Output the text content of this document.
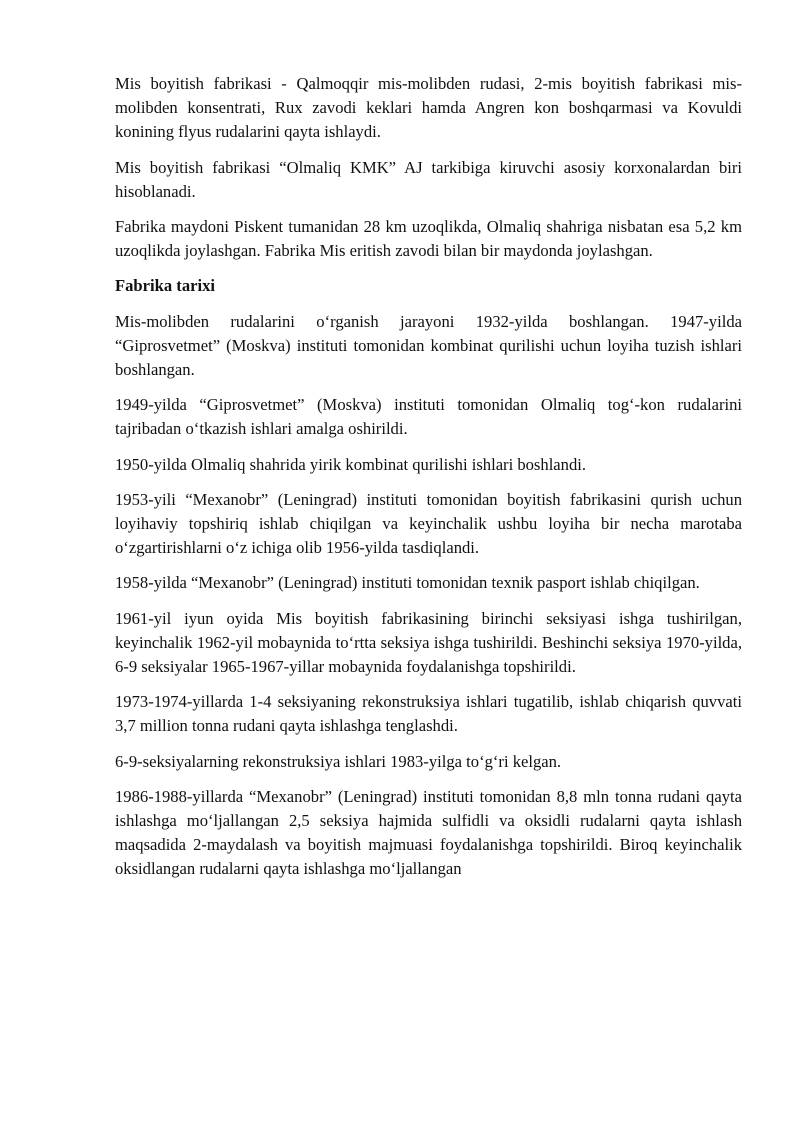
Mis boyitish fabrikasi - Qalmoqqir mis-molibden rudasi, 2-mis boyitish fabrikasi mis-molibden konsentrati, Rux zavodi keklari hamda Angren kon boshqarmasi va Kovuldi konining flyus rudalarini qayta ishlaydi.

Mis boyitish fabrikasi “Olmaliq KMK” AJ tarkibiga kiruvchi asosiy korxonalardan biri hisoblanadi.

Fabrika maydoni Piskent tumanidan 28 km uzoqlikda, Olmaliq shahriga nisbatan esa 5,2 km uzoqlikda joylashgan. Fabrika Mis eritish zavodi bilan bir maydonda joylashgan.

Fabrika tarixi

Mis-molibden rudalarini oʻrganish jarayoni 1932-yilda boshlangan. 1947-yilda “Giprosvetmet” (Moskva) instituti tomonidan kombinat qurilishi uchun loyiha tuzish ishlari boshlangan.

1949-yilda “Giprosvetmet” (Moskva) instituti tomonidan Olmaliq togʻ-kon rudalarini tajribadan oʻtkazish ishlari amalga oshirildi.

1950-yilda Olmaliq shahrida yirik kombinat qurilishi ishlari boshlandi.

1953-yili “Mexanobr” (Leningrad) instituti tomonidan boyitish fabrikasini qurish uchun loyihaviy topshiriq ishlab chiqilgan va keyinchalik ushbu loyiha bir necha marotaba oʻzgartirishlarni oʻz ichiga olib 1956-yilda tasdiqlandi.

1958-yilda “Mexanobr” (Leningrad) instituti tomonidan texnik pasport ishlab chiqilgan.

1961-yil iyun oyida Mis boyitish fabrikasining birinchi seksiyasi ishga tushirilgan, keyinchalik 1962-yil mobaynida toʻrtta seksiya ishga tushirildi. Beshinchi seksiya 1970-yilda, 6-9 seksiyalar 1965-1967-yillar mobaynida foydalanishga topshirildi.

1973-1974-yillarda 1-4 seksiyaning rekonstruksiya ishlari tugatilib, ishlab chiqarish quvvati 3,7 million tonna rudani qayta ishlashga tenglashdi.

6-9-seksiyalarning rekonstruksiya ishlari 1983-yilga toʻgʻri kelgan.

1986-1988-yillarda “Mexanobr” (Leningrad) instituti tomonidan 8,8 mln tonna rudani qayta ishlashga moʻljallangan 2,5 seksiya hajmida sulfidli va oksidli rudalarni qayta ishlash maqsadida 2-maydalash va boyitish majmuasi foydalanishga topshirildi. Biroq keyinchalik oksidlangan rudalarni qayta ishlashga moʻljallangan
